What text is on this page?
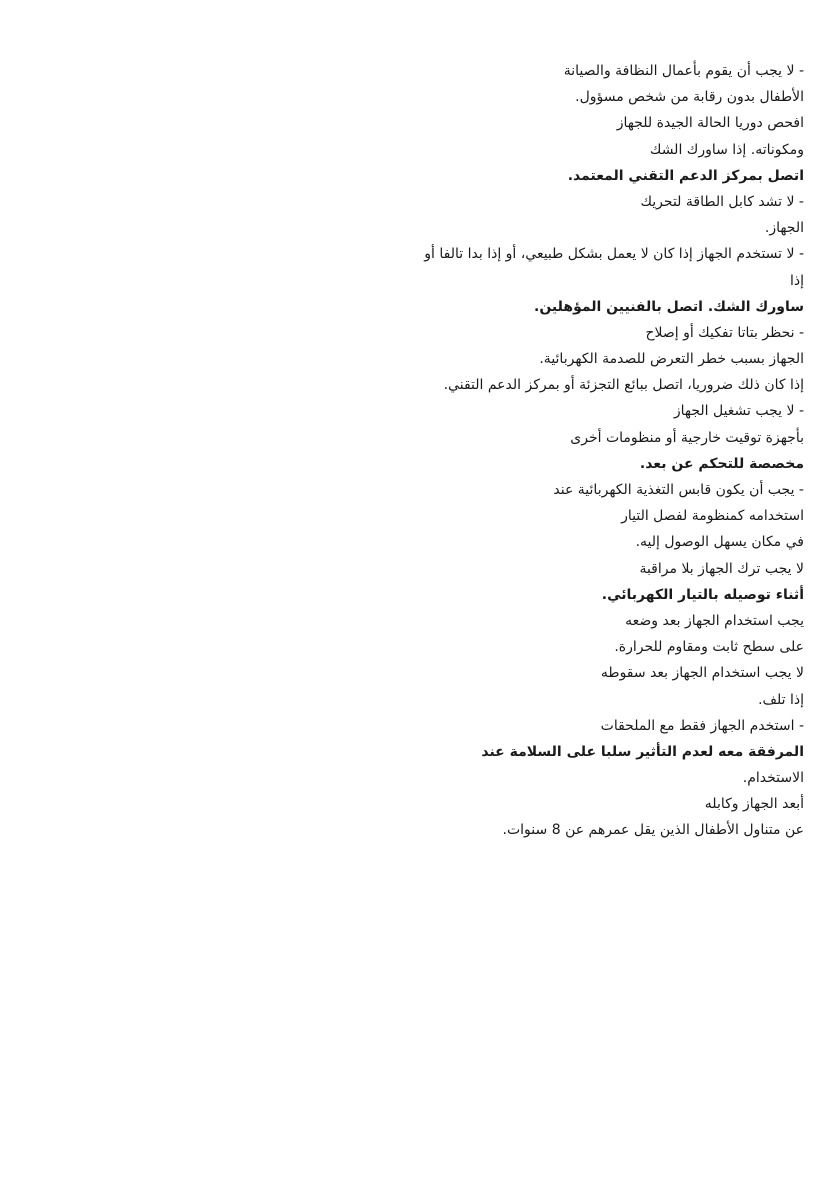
- لا يجب أن يقوم بأعمال النظافة والصيانة
الأطفال بدون رقابة من شخص مسؤول.
افحص دوريا الحالة الجيدة للجهاز
ومكوناته. إذا ساورك الشك
اتصل بمركز الدعم التقني المعتمد.
- لا تشد كابل الطاقة لتحريك
الجهاز.
- لا تستخدم الجهاز إذا كان لا يعمل بشكل طبيعي، أو إذا بدا تالفا أو
إذا
ساورك الشك. اتصل بالفنيين المؤهلين.
- نحظر بتاتا تفكيك أو إصلاح
الجهاز بسبب خطر التعرض للصدمة الكهربائية.
إذا كان ذلك ضروريا، اتصل ببائع التجزئة أو بمركز الدعم التقني.
- لا يجب تشغيل الجهاز
بأجهزة توقيت خارجية أو منظومات أخرى
مخصصة للتحكم عن بعد.
- يجب أن يكون قابس التغذية الكهربائية عند
استخدامه كمنظومة لفصل التيار
في مكان يسهل الوصول إليه.
لا يجب ترك الجهاز بلا مراقبة
أثناء توصيله بالتيار الكهربائي.
يجب استخدام الجهاز بعد وضعه
على سطح ثابت ومقاوم للحرارة.
لا يجب استخدام الجهاز بعد سقوطه
إذا تلف.
- استخدم الجهاز فقط مع الملحقات
المرفقة معه لعدم التأثير سلبا على السلامة عند
الاستخدام.
أبعد الجهاز وكابله
عن متناول الأطفال الذين يقل عمرهم عن 8 سنوات.
